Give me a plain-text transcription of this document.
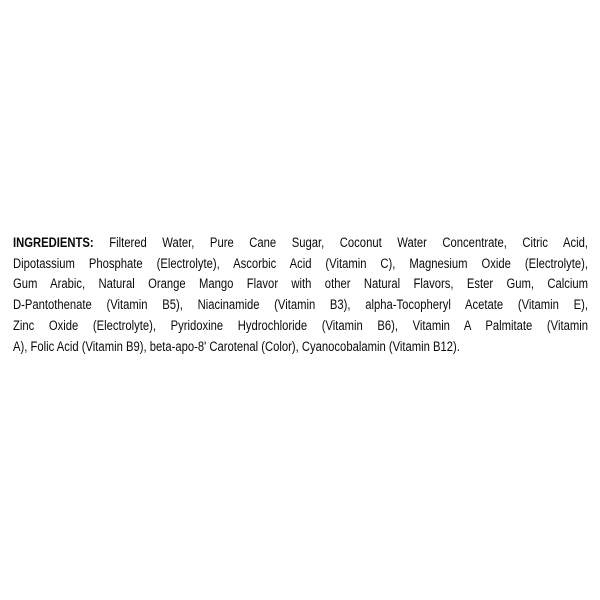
INGREDIENTS: Filtered Water, Pure Cane Sugar, Coconut Water Concentrate, Citric Acid,
Dipotassium Phosphate (Electrolyte), Ascorbic Acid (Vitamin C), Magnesium Oxide (Electrolyte),
Gum Arabic, Natural Orange Mango Flavor with other Natural Flavors, Ester Gum, Calcium
D-Pantothenate (Vitamin B5), Niacinamide (Vitamin B3), alpha-Tocopheryl Acetate (Vitamin E),
Zinc Oxide (Electrolyte), Pyridoxine Hydrochloride (Vitamin B6), Vitamin A Palmitate (Vitamin
A), Folic Acid (Vitamin B9), beta-apo-8' Carotenal (Color), Cyanocobalamin (Vitamin B12).
